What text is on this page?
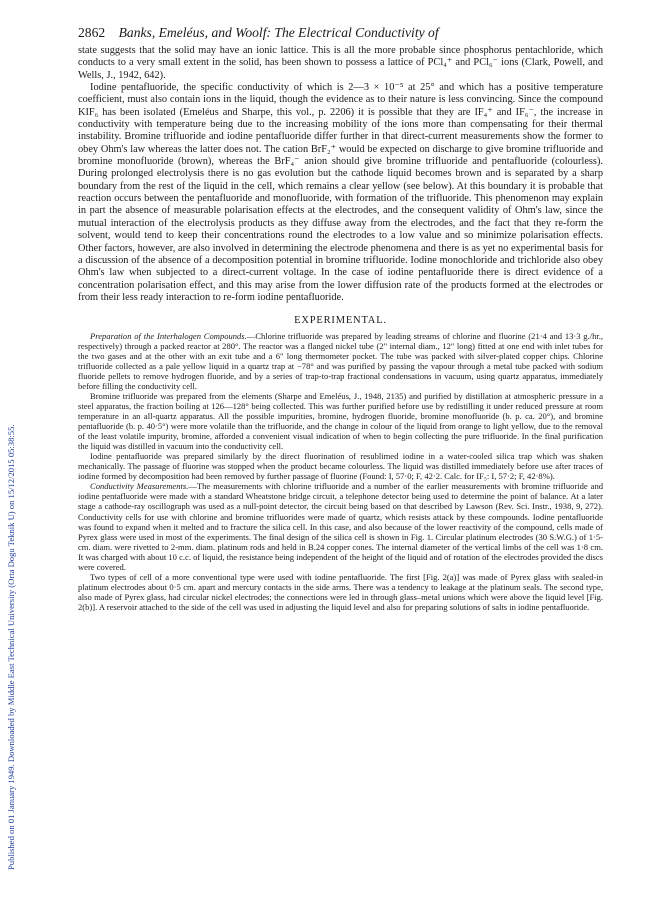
Published on 01 January 1949. Downloaded by Middle East Technical University (Orta Dogu Teknik U) on 15/12/2015 05:38:55.
2862 Banks, Emeléus, and Woolf: The Electrical Conductivity of

state suggests that the solid may have an ionic lattice. This is all the more probable since phosphorus pentachloride, which conducts to a very small extent in the solid, has been shown to possess a lattice of PCl₄⁺ and PCl₆⁻ ions (Clark, Powell, and Wells, J., 1942, 642).

Iodine pentafluoride, the specific conductivity of which is 2—3 × 10⁻⁵ at 25° and which has a positive temperature coefficient, must also contain ions in the liquid, though the evidence as to their nature is less convincing. Since the compound KIF₆ has been isolated (Emeléus and Sharpe, this vol., p. 2206) it is possible that they are IF₄⁺ and IF₆⁻, the increase in conductivity with temperature being due to the increasing mobility of the ions more than compensating for their thermal instability. Bromine trifluoride and iodine pentafluoride differ further in that direct-current measurements show the former to obey Ohm's law whereas the latter does not. The cation BrF₂⁺ would be expected on discharge to give bromine trifluoride and bromine monofluoride (brown), whereas the BrF₄⁻ anion should give bromine trifluoride and pentafluoride (colourless). During prolonged electrolysis there is no gas evolution but the cathode liquid becomes brown and is separated by a sharp boundary from the rest of the liquid in the cell, which remains a clear yellow (see below). At this boundary it is probable that reaction occurs between the pentafluoride and monofluoride, with formation of the trifluoride. This phenomenon may explain in part the absence of measurable polarisation effects at the electrodes, and the consequent validity of Ohm's law, since the mutual interaction of the electrolysis products as they diffuse away from the electrodes, and the fact that they re-form the solvent, would tend to keep their concentrations round the electrodes to a low value and so minimize polarisation effects. Other factors, however, are also involved in determining the electrode phenomena and there is as yet no experimental basis for a discussion of the absence of a decomposition potential in bromine trifluoride. Iodine monochloride and trichloride also obey Ohm's law when subjected to a direct-current voltage. In the case of iodine pentafluoride there is direct evidence of a concentration polarisation effect, and this may arise from the lower diffusion rate of the products formed at the electrodes or from their less ready interaction to re-form iodine pentafluoride.

EXPERIMENTAL.

Preparation of the Interhalogen Compounds.—Chlorine trifluoride was prepared by leading streams of chlorine and fluorine (21·4 and 13·3 g./hr., respectively) through a packed reactor at 280°. The reactor was a flanged nickel tube (2" internal diam., 12" long) fitted at one end with inlet tubes for the two gases and at the other with an exit tube and a 6" long thermometer pocket. The tube was packed with silver-plated copper chips. Chlorine trifluoride collected as a pale yellow liquid in a quartz trap at −78° and was purified by passing the vapour through a metal tube packed with sodium fluoride pellets to remove hydrogen fluoride, and by a series of trap-to-trap fractional condensations in vacuum, using quartz apparatus, immediately before filling the conductivity cell.

Bromine trifluoride was prepared from the elements (Sharpe and Emeléus, J., 1948, 2135) and purified by distillation at atmospheric pressure in a steel apparatus, the fraction boiling at 126—128° being collected. This was further purified before use by redistilling it under reduced pressure at room temperature in an all-quartz apparatus. All the possible impurities, bromine, hydrogen fluoride, bromine monofluoride (b. p. ca. 20°), and bromine pentafluoride (b. p. 40·5°) were more volatile than the trifluoride, and the change in colour of the liquid from orange to light yellow, due to the removal of the least volatile impurity, bromine, afforded a convenient visual indication of when to begin collecting the pure trifluoride. In the final purification the liquid was distilled in vacuum into the conductivity cell.

Iodine pentafluoride was prepared similarly by the direct fluorination of resublimed iodine in a water-cooled silica trap which was shaken mechanically. The passage of fluorine was stopped when the product became colourless. The liquid was distilled immediately before use after traces of iodine formed by decomposition had been removed by further passage of fluorine (Found: I, 57·0; F, 42·2. Calc. for IF₅: I, 57·2; F, 42·8%).

Conductivity Measurements.—The measurements with chlorine trifluoride and a number of the earlier measurements with bromine trifluoride and iodine pentafluoride were made with a standard Wheatstone bridge circuit, a telephone detector being used to determine the point of balance. At a later stage a cathode-ray oscillograph was used as a null-point detector, the circuit being based on that described by Lawson (Rev. Sci. Instr., 1938, 9, 272). Conductivity cells for use with chlorine and bromine trifluorides were made of quartz, which resists attack by these compounds. Iodine pentafluoride was found to expand when it melted and to fracture the silica cell. In this case, and also because of the lower reactivity of the compound, cells made of Pyrex glass were used in most of the experiments. The final design of the silica cell is shown in Fig. 1. Circular platinum electrodes (30 S.W.G.) of 1·5-cm. diam. were rivetted to 2-mm. diam. platinum rods and held in B.24 copper cones. The internal diameter of the vertical limbs of the cell was 1·8 cm. It was charged with about 10 c.c. of liquid, the resistance being independent of the height of the liquid and of rotation of the electrodes provided the discs were covered.

Two types of cell of a more conventional type were used with iodine pentafluoride. The first [Fig. 2(a)] was made of Pyrex glass with sealed-in platinum electrodes about 0·5 cm. apart and mercury contacts in the side arms. There was a tendency to leakage at the platinum seals. The second type, also made of Pyrex glass, had circular nickel electrodes; the connections were led in through glass–metal unions which were above the liquid level [Fig. 2(b)]. A reservoir attached to the side of the cell was used in adjusting the liquid level and also for preparing solutions of salts in iodine pentafluoride.
